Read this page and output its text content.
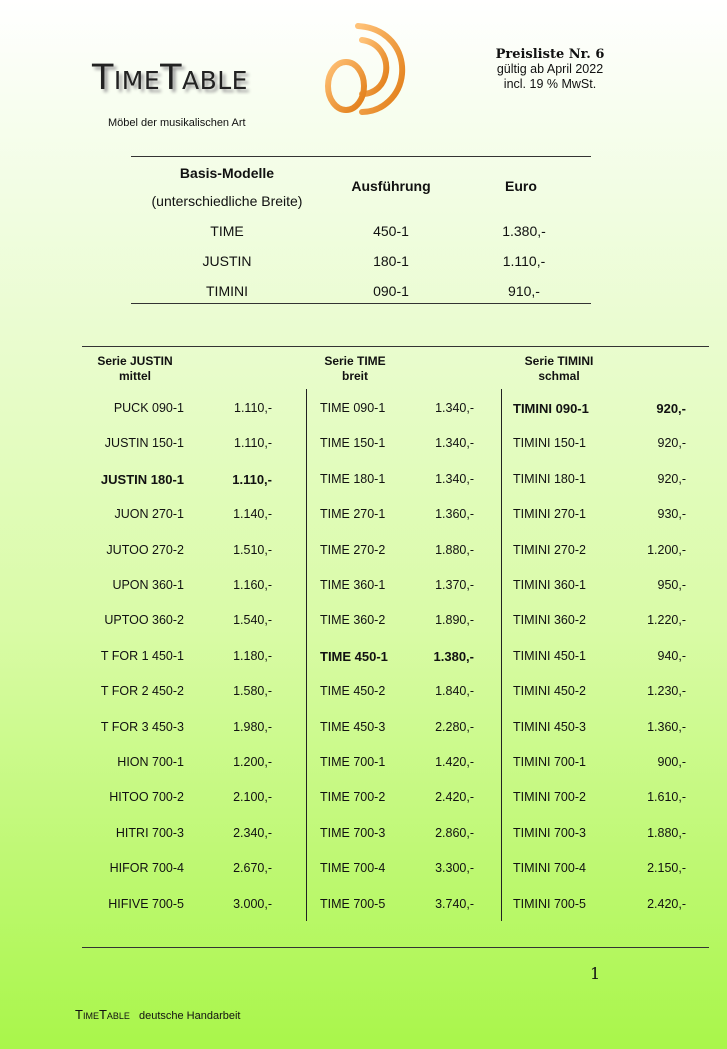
TimeTable
Möbel der musikalischen Art
Preisliste Nr. 6
gültig ab April 2022
incl. 19 % MwSt.
Basis-Modelle
(unterschiedliche Breite)
Ausführung	Euro
TIME	450-1	1.380,-
JUSTIN	180-1	1.110,-
TIMINI	090-1	910,-
Serie JUSTIN
mittel
Serie TIME
breit
Serie TIMINI
schmal
PUCK 090-1	1.110,-	TIME 090-1	1.340,-	TIMINI 090-1	920,-
JUSTIN 150-1	1.110,-	TIME 150-1	1.340,-	TIMINI 150-1	920,-
JUSTIN 180-1	1.110,-	TIME 180-1	1.340,-	TIMINI 180-1	920,-
JUON 270-1	1.140,-	TIME 270-1	1.360,-	TIMINI 270-1	930,-
JUTOO 270-2	1.510,-	TIME 270-2	1.880,-	TIMINI 270-2	1.200,-
UPON 360-1	1.160,-	TIME 360-1	1.370,-	TIMINI 360-1	950,-
UPTOO 360-2	1.540,-	TIME 360-2	1.890,-	TIMINI 360-2	1.220,-
T FOR 1 450-1	1.180,-	TIME 450-1	1.380,-	TIMINI 450-1	940,-
T FOR 2 450-2	1.580,-	TIME 450-2	1.840,-	TIMINI 450-2	1.230,-
T FOR 3 450-3	1.980,-	TIME 450-3	2.280,-	TIMINI 450-3	1.360,-
HION 700-1	1.200,-	TIME 700-1	1.420,-	TIMINI 700-1	900,-
HITOO 700-2	2.100,-	TIME 700-2	2.420,-	TIMINI 700-2	1.610,-
HITRI 700-3	2.340,-	TIME 700-3	2.860,-	TIMINI 700-3	1.880,-
HIFOR 700-4	2.670,-	TIME 700-4	3.300,-	TIMINI 700-4	2.150,-
HIFIVE 700-5	3.000,-	TIME 700-5	3.740,-	TIMINI 700-5	2.420,-
1
TimeTable deutsche Handarbeit
